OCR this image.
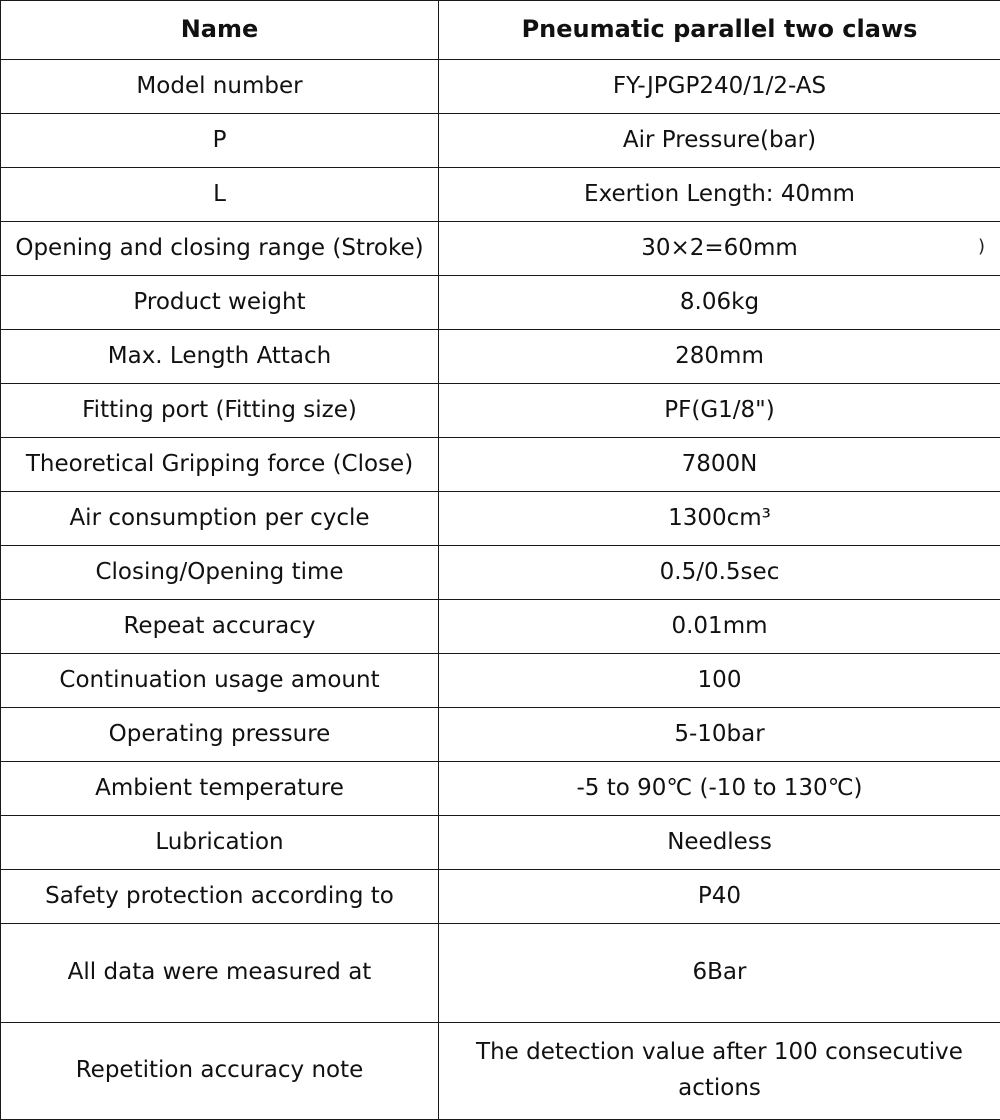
Name	Pneumatic parallel two claws
Model number	FY-JPGP240/1/2-AS
P	Air Pressure(bar)
L	Exertion Length: 40mm
Opening and closing range (Stroke)	30×2=60mm
Product weight	8.06kg
Max. Length Attach	280mm
Fitting port (Fitting size)	PF(G1/8")
Theoretical Gripping force (Close)	7800N
Air consumption per cycle	1300cm³
Closing/Opening time	0.5/0.5sec
Repeat accuracy	0.01mm
Continuation usage amount	100
Operating pressure	5-10bar
Ambient temperature	-5 to 90℃ (-10 to 130℃)
Lubrication	Needless
Safety protection according to	P40
All data were measured at	6Bar
Repetition accuracy note	The detection value after 100 consecutive actions
)
